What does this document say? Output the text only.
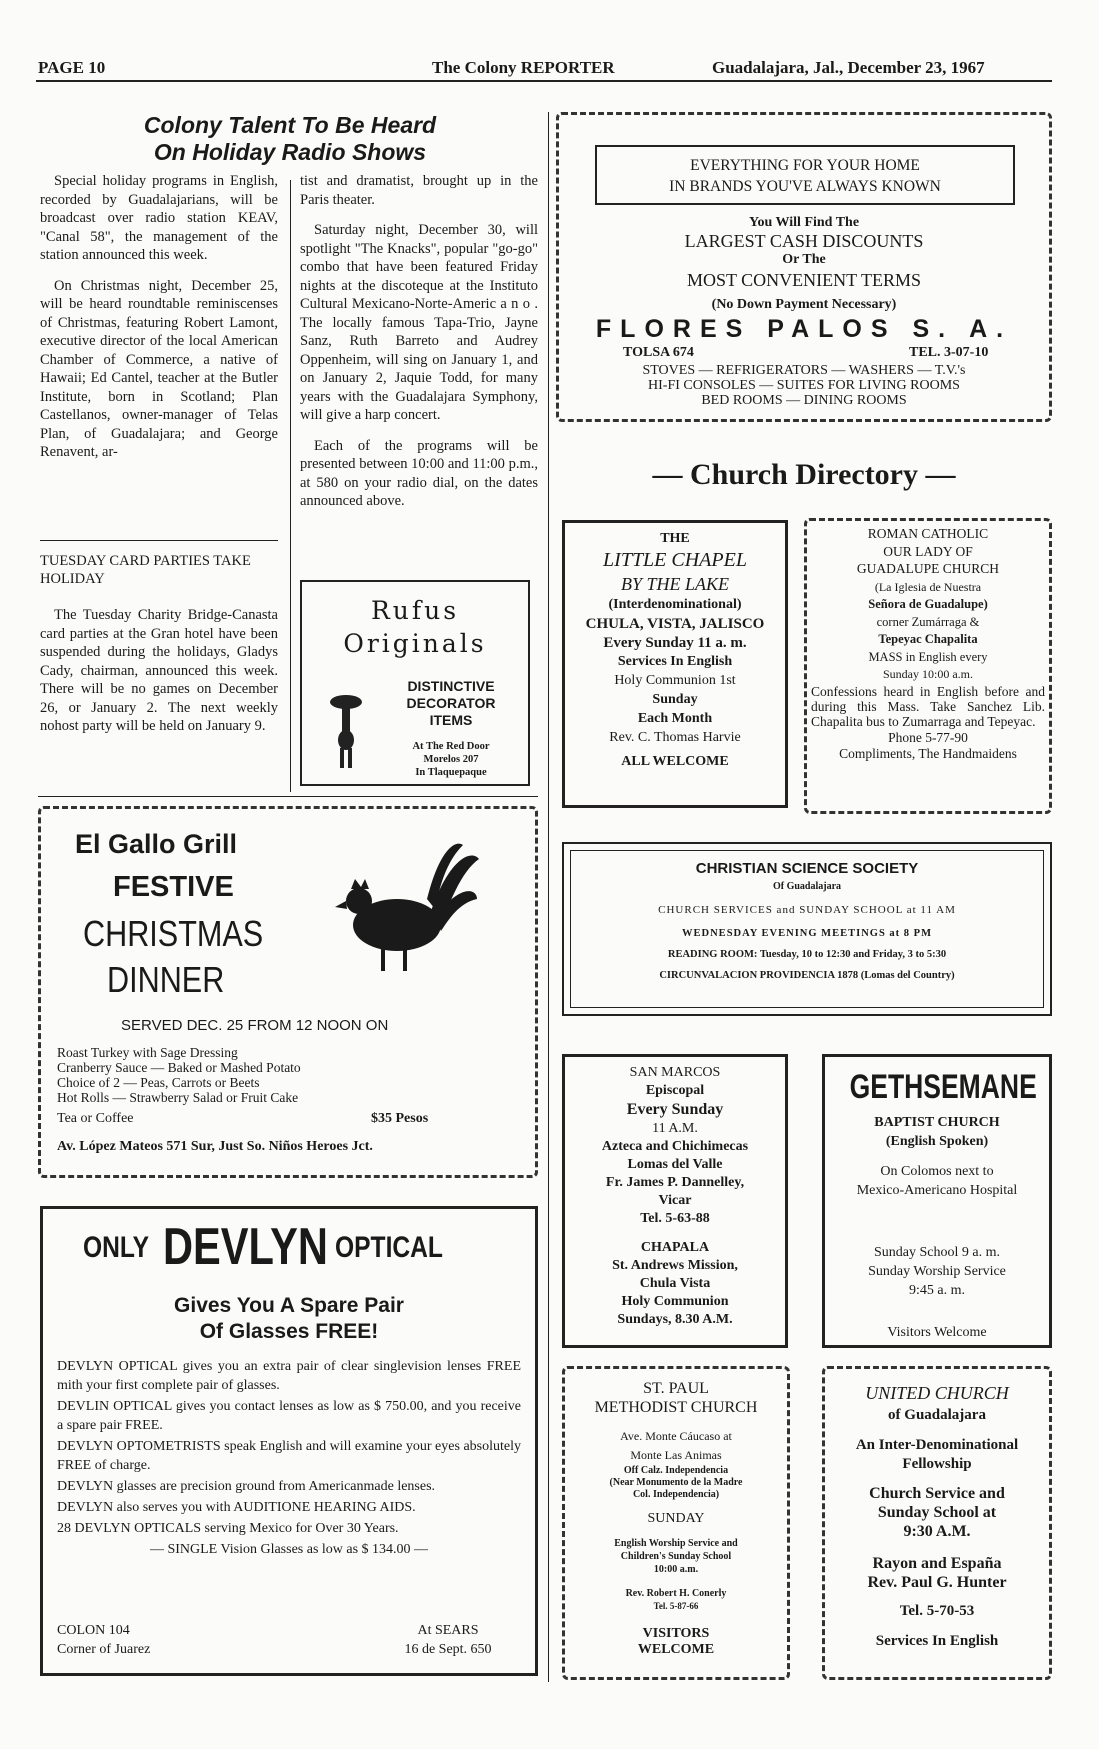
PAGE 10	The Colony REPORTER	Guadalajara, Jal., December 23, 1967
Colony Talent To Be Heard
On Holiday Radio Shows

Special holiday programs in English, recorded by Guadalajarians, will be broadcast over radio station KEAV, "Canal 58", the management of the station announced this week.

On Christmas night, December 25, will be heard roundtable reminiscenses of Christmas, featuring Robert Lamont, executive director of the local American Chamber of Commerce, a native of Hawaii; Ed Cantel, teacher at the Butler Institute, born in Scotland; Plan Castellanos, owner-manager of Telas Plan, of Guadalajara; and George Renavent, ar-

TUESDAY CARD PARTIES TAKE HOLIDAY

The Tuesday Charity Bridge-Canasta card parties at the Gran hotel have been suspended during the holidays, Gladys Cady, chairman, announced this week. There will be no games on December 26, or January 2. The next weekly nohost party will be held on January 9.

tist and dramatist, brought up in the Paris theater.

Saturday night, December 30, will spotlight "The Knacks", popular "go-go" combo that have been featured Friday nights at the discoteque at the Instituto Cultural Mexicano-Norte-Americ a n o . The locally famous Tapa-Trio, Jayne Sanz, Ruth Barreto and Audrey Oppenheim, will sing on January 1, and on January 2, Jaquie Todd, for many years with the Guadalajara Symphony, will give a harp concert.

Each of the programs will be presented between 10:00 and 11:00 p.m., at 580 on your radio dial, on the dates announced above.

Rufus
Originals
DISTINCTIVE
DECORATOR
ITEMS
At The Red Door
Morelos 207
In Tlaquepaque
El Gallo Grill
FESTIVE
CHRISTMAS
DINNER
SERVED DEC. 25 FROM 12 NOON ON
Roast Turkey with Sage Dressing
Cranberry Sauce — Baked or Mashed Potato
Choice of 2 — Peas, Carrots or Beets
Hot Rolls — Strawberry Salad or Fruit Cake
Tea or Coffee	$35 Pesos
Av. López Mateos 571 Sur, Just So. Niños Heroes Jct.
ONLY DEVLYN OPTICAL
Gives You A Spare Pair
Of Glasses FREE!
DEVLYN OPTICAL gives you an extra pair of clear singlevision lenses FREE mith your first complete pair of glasses.
DEVLIN OPTICAL gives you contact lenses as low as $ 750.00, and you receive a spare pair FREE.
DEVLYN OPTOMETRISTS speak English and will examine your eyes absolutely FREE of charge.
DEVLYN glasses are precision ground from Americanmade lenses.
DEVLYN also serves you with AUDITIONE HEARING AIDS.
28 DEVLYN OPTICALS serving Mexico for Over 30 Years.
— SINGLE Vision Glasses as low as $ 134.00 —
COLON 104
Corner of Juarez
At SEARS
16 de Sept. 650
EVERYTHING FOR YOUR HOME
IN BRANDS YOU'VE ALWAYS KNOWN
You Will Find The
LARGEST CASH DISCOUNTS
Or The
MOST CONVENIENT TERMS
(No Down Payment Necessary)
FLORES PALOS S. A.
TOLSA 674	TEL. 3-07-10
STOVES — REFRIGERATORS — WASHERS — T.V.'s
HI-FI CONSOLES — SUITES FOR LIVING ROOMS
BED ROOMS — DINING ROOMS
— Church Directory —
THE
LITTLE CHAPEL
BY THE LAKE
(Interdenominational)
CHULA, VISTA, JALISCO
Every Sunday 11 a. m.
Services In English
Holy Communion 1st
Sunday
Each Month
Rev. C. Thomas Harvie
ALL WELCOME
ROMAN CATHOLIC
OUR LADY OF
GUADALUPE CHURCH
(La Iglesia de Nuestra
Señora de Guadalupe)
corner Zumárraga &
Tepeyac Chapalita
MASS in English every
Sunday 10:00 a.m.
Confessions heard in English before and during this Mass. Take Sanchez Lib. Chapalita bus to Zumarraga and Tepeyac.
Phone 5-77-90
Compliments, The Handmaidens
CHRISTIAN SCIENCE SOCIETY
Of Guadalajara
CHURCH SERVICES and SUNDAY SCHOOL at 11 AM
WEDNESDAY EVENING MEETINGS at 8 PM
READING ROOM: Tuesday, 10 to 12:30 and Friday, 3 to 5:30
CIRCUNVALACION PROVIDENCIA 1878 (Lomas del Country)
SAN MARCOS
Episcopal
Every Sunday
11 A.M.
Azteca and Chichimecas
Lomas del Valle
Fr. James P. Dannelley,
Vicar
Tel. 5-63-88
CHAPALA
St. Andrews Mission,
Chula Vista
Holy Communion
Sundays, 8.30 A.M.
GETHSEMANE
BAPTIST CHURCH
(English Spoken)
On Colomos next to
Mexico-Americano Hospital
Sunday School 9 a. m.
Sunday Worship Service
9:45 a. m.
Visitors Welcome
ST. PAUL
METHODIST CHURCH
Ave. Monte Cáucaso at
Monte Las Animas
Off Calz. Independencia
(Near Monumento de la Madre
Col. Independencia)
SUNDAY
English Worship Service and
Children's Sunday School
10:00 a.m.
Rev. Robert H. Conerly
Tel. 5-87-66
VISITORS
WELCOME
UNITED CHURCH
of Guadalajara
An Inter-Denominational
Fellowship
Church Service and
Sunday School at
9:30 A.M.
Rayon and España
Rev. Paul G. Hunter
Tel. 5-70-53
Services In English
